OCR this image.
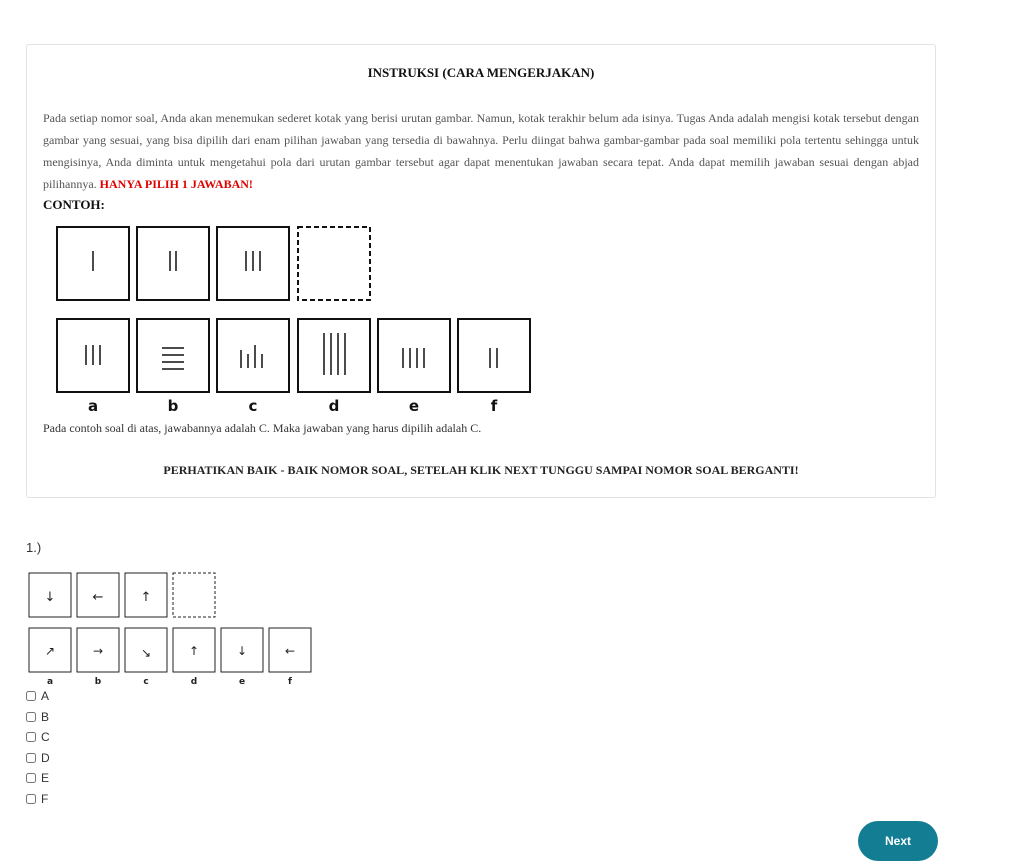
INSTRUKSI (CARA MENGERJAKAN)
Pada setiap nomor soal, Anda akan menemukan sederet kotak yang berisi urutan gambar. Namun, kotak terakhir belum ada isinya. Tugas Anda adalah mengisi kotak tersebut dengan gambar yang sesuai, yang bisa dipilih dari enam pilihan jawaban yang tersedia di bawahnya. Perlu diingat bahwa gambar-gambar pada soal memiliki pola tertentu sehingga untuk mengisinya, Anda diminta untuk mengetahui pola dari urutan gambar tersebut agar dapat menentukan jawaban secara tepat. Anda dapat memilih jawaban sesuai dengan abjad pilihannya. HANYA PILIH 1 JAWABAN!
CONTOH:
a	b	c	d	e	f
Pada contoh soal di atas, jawabannya adalah C. Maka jawaban yang harus dipilih adalah C.
PERHATIKAN BAIK - BAIK NOMOR SOAL, SETELAH KLIK NEXT TUNGGU SAMPAI NOMOR SOAL BERGANTI!
1.)
↓	←	↑
↗	→	↘	↑	↓	←
a	b	c	d	e	f
A
B
C
D
E
F
Next
